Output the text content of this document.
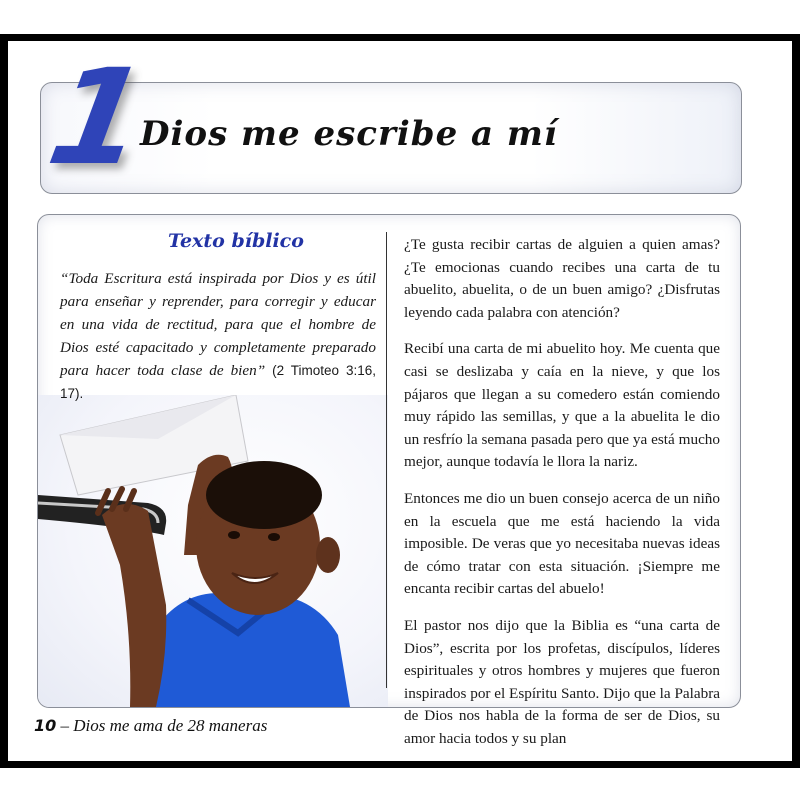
1
Dios me escribe a mí
Texto bíblico
“Toda Escritura está inspirada por Dios y es útil para enseñar y reprender, para corregir y educar en una vida de rectitud, para que el hombre de Dios esté capacitado y completamente preparado para hacer toda clase de bien” (2 Timoteo 3:16, 17).

¿Te gusta recibir cartas de alguien a quien amas? ¿Te emocionas cuando recibes una carta de tu abuelito, abuelita, o de un buen amigo? ¿Disfrutas leyendo cada palabra con atención?

Recibí una carta de mi abuelito hoy. Me cuenta que casi se deslizaba y caía en la nieve, y que los pájaros que llegan a su comedero están comiendo muy rápido las semillas, y que a la abuelita le dio un resfrío la semana pasada pero que ya está mucho mejor, aunque todavía le llora la nariz.

Entonces me dio un buen consejo acerca de un niño en la escuela que me está haciendo la vida imposible. De veras que yo necesitaba nuevas ideas de cómo tratar con esta situación. ¡Siempre me encanta recibir cartas del abuelo!

El pastor nos dijo que la Biblia es “una carta de Dios”, escrita por los profetas, discípulos, líderes espirituales y otros hombres y mujeres que fueron inspirados por el Espíritu Santo. Dijo que la Palabra de Dios nos habla de la forma de ser de Dios, su amor hacia todos y su plan

10 – Dios me ama de 28 maneras
